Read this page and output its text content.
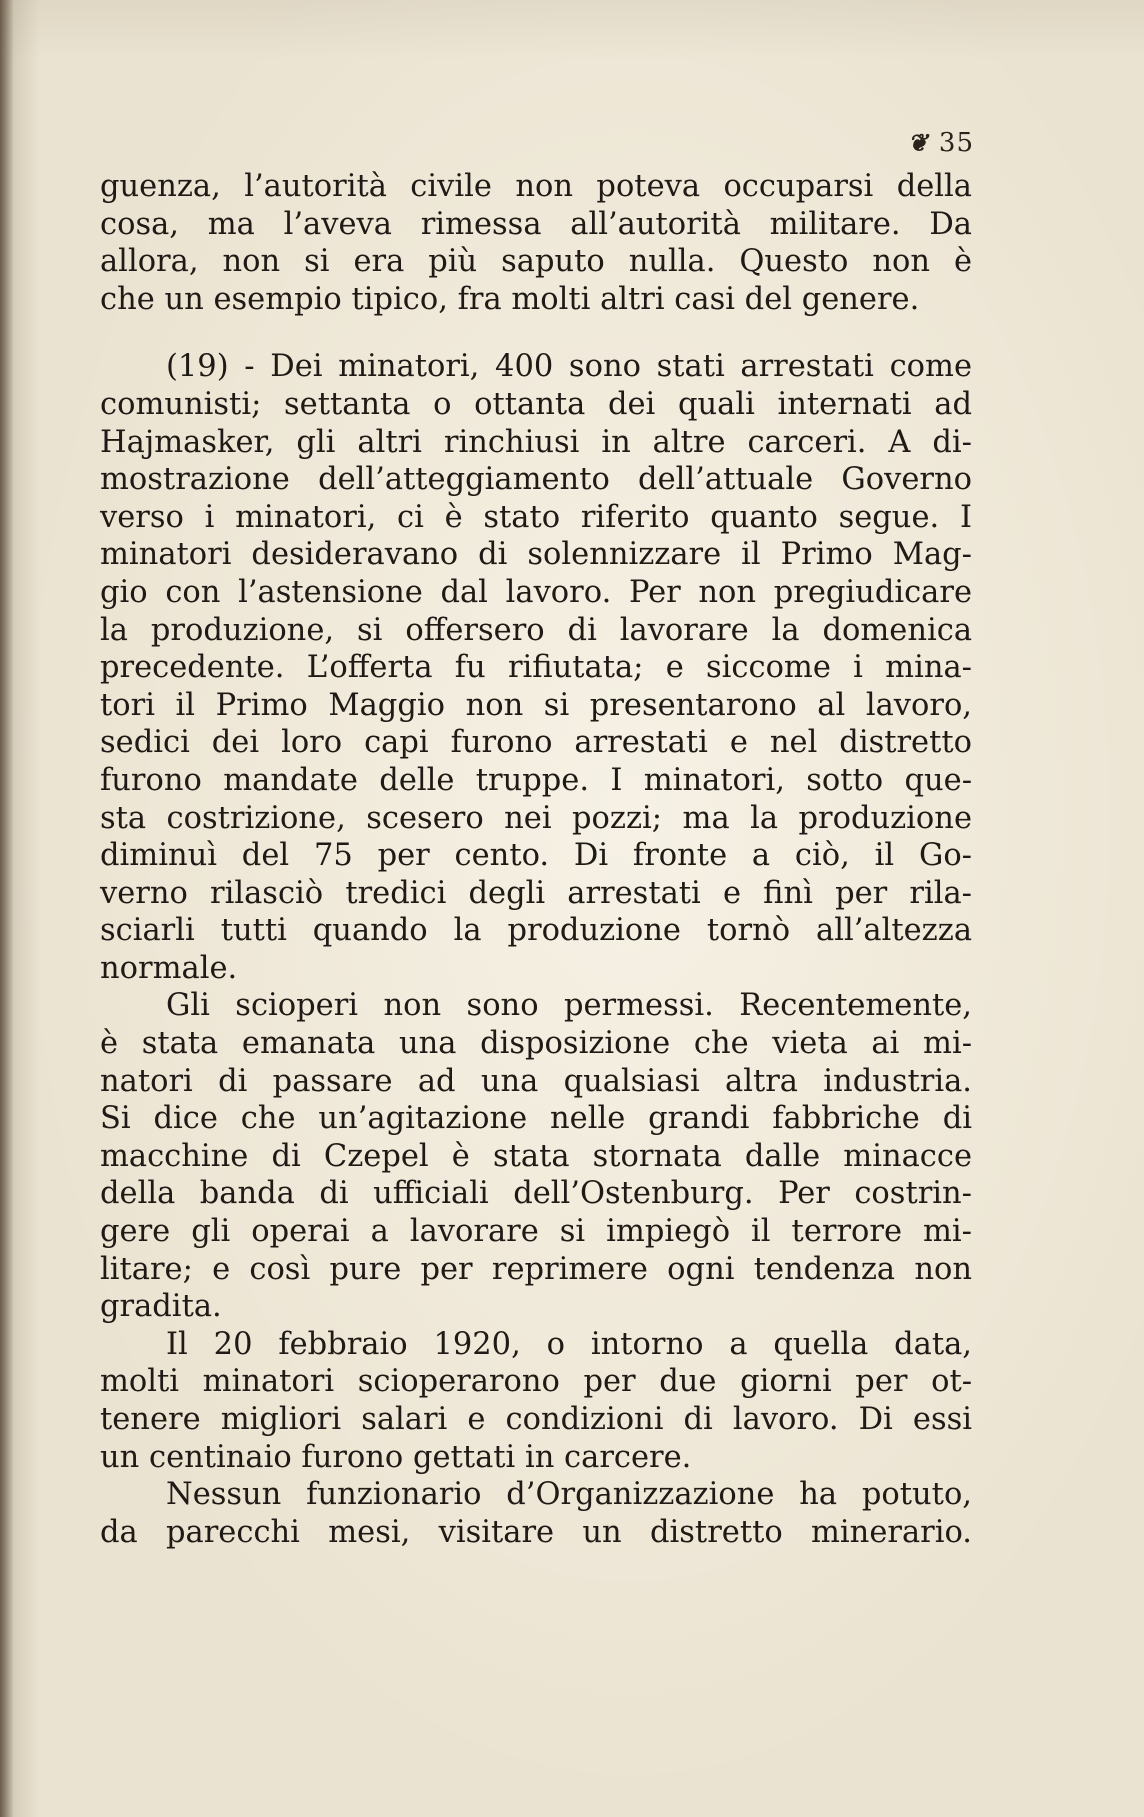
❦ 35
guenza, l’autorità civile non poteva occuparsi della
cosa, ma l’aveva rimessa all’autorità militare. Da
allora, non si era più saputo nulla. Questo non è
che un esempio tipico, fra molti altri casi del genere.
(19) - Dei minatori, 400 sono stati arrestati come
comunisti; settanta o ottanta dei quali internati ad
Hajmasker, gli altri rinchiusi in altre carceri. A di-
mostrazione dell’atteggiamento dell’attuale Governo
verso i minatori, ci è stato riferito quanto segue. I
minatori desideravano di solennizzare il Primo Mag-
gio con l’astensione dal lavoro. Per non pregiudicare
la produzione, si offersero di lavorare la domenica
precedente. L’offerta fu rifiutata; e siccome i mina-
tori il Primo Maggio non si presentarono al lavoro,
sedici dei loro capi furono arrestati e nel distretto
furono mandate delle truppe. I minatori, sotto que-
sta costrizione, scesero nei pozzi; ma la produzione
diminuì del 75 per cento. Di fronte a ciò, il Go-
verno rilasciò tredici degli arrestati e finì per rila-
sciarli tutti quando la produzione tornò all’altezza
normale.
Gli scioperi non sono permessi. Recentemente,
è stata emanata una disposizione che vieta ai mi-
natori di passare ad una qualsiasi altra industria.
Si dice che un’agitazione nelle grandi fabbriche di
macchine di Czepel è stata stornata dalle minacce
della banda di ufficiali dell’Ostenburg. Per costrin-
gere gli operai a lavorare si impiegò il terrore mi-
litare; e così pure per reprimere ogni tendenza non
gradita.
Il 20 febbraio 1920, o intorno a quella data,
molti minatori scioperarono per due giorni per ot-
tenere migliori salari e condizioni di lavoro. Di essi
un centinaio furono gettati in carcere.
Nessun funzionario d’Organizzazione ha potuto,
da parecchi mesi, visitare un distretto minerario.
